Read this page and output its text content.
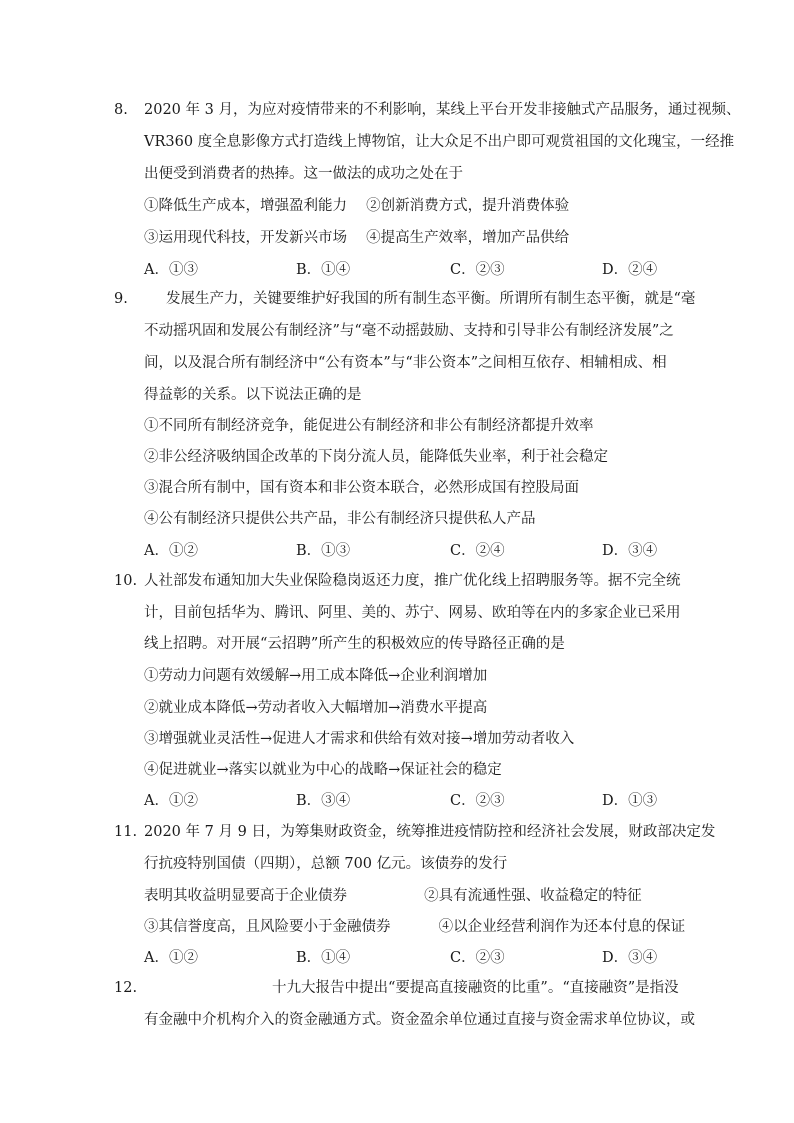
8. 2020 年 3 月，为应对疫情带来的不利影响，某线上平台开发非接触式产品服务，通过视频、
VR360 度全息影像方式打造线上博物馆，让大众足不出户即可观赏祖国的文化瑰宝，一经推
出便受到消费者的热捧。这一做法的成功之处在于
①降低生产成本，增强盈利能力　 ②创新消费方式，提升消费体验
③运用现代科技，开发新兴市场　 ④提高生产效率，增加产品供给
A．①③	B．①④	C．②③	D．②④
9.	发展生产力，关键要维护好我国的所有制生态平衡。所谓所有制生态平衡，就是“毫
不动摇巩固和发展公有制经济”与“毫不动摇鼓励、支持和引导非公有制经济发展”之
间，以及混合所有制经济中“公有资本”与“非公资本”之间相互依存、相辅相成、相
得益彰的关系。以下说法正确的是
①不同所有制经济竞争，能促进公有制经济和非公有制经济都提升效率
②非公经济吸纳国企改革的下岗分流人员，能降低失业率，利于社会稳定
③混合所有制中，国有资本和非公资本联合，必然形成国有控股局面
④公有制经济只提供公共产品，非公有制经济只提供私人产品
A．①②	B．①③	C．②④	D．③④
10. 人社部发布通知加大失业保险稳岗返还力度，推广优化线上招聘服务等。据不完全统
计，目前包括华为、腾讯、阿里、美的、苏宁、网易、欧珀等在内的多家企业已采用
线上招聘。对开展“云招聘”所产生的积极效应的传导路径正确的是
①劳动力问题有效缓解→用工成本降低→企业利润增加
②就业成本降低→劳动者收入大幅增加→消费水平提高
③增强就业灵活性→促进人才需求和供给有效对接→增加劳动者收入
④促进就业→落实以就业为中心的战略→保证社会的稳定
A．①②	B．③④	C．②③	D．①③
11. 2020 年 7 月 9 日，为筹集财政资金，统筹推进疫情防控和经济社会发展，财政部决定发
行抗疫特别国债（四期），总额 700 亿元。该债券的发行
表明其收益明显要高于企业债券　　　　　 ②具有流通性强、收益稳定的特征
③其信誉度高，且风险要小于金融债券　　　 ④以企业经营利润作为还本付息的保证
A．①②	B．①④	C．②③	D．③④
12.	十九大报告中提出“要提高直接融资的比重”。“直接融资”是指没
有金融中介机构介入的资金融通方式。资金盈余单位通过直接与资金需求单位协议，或
